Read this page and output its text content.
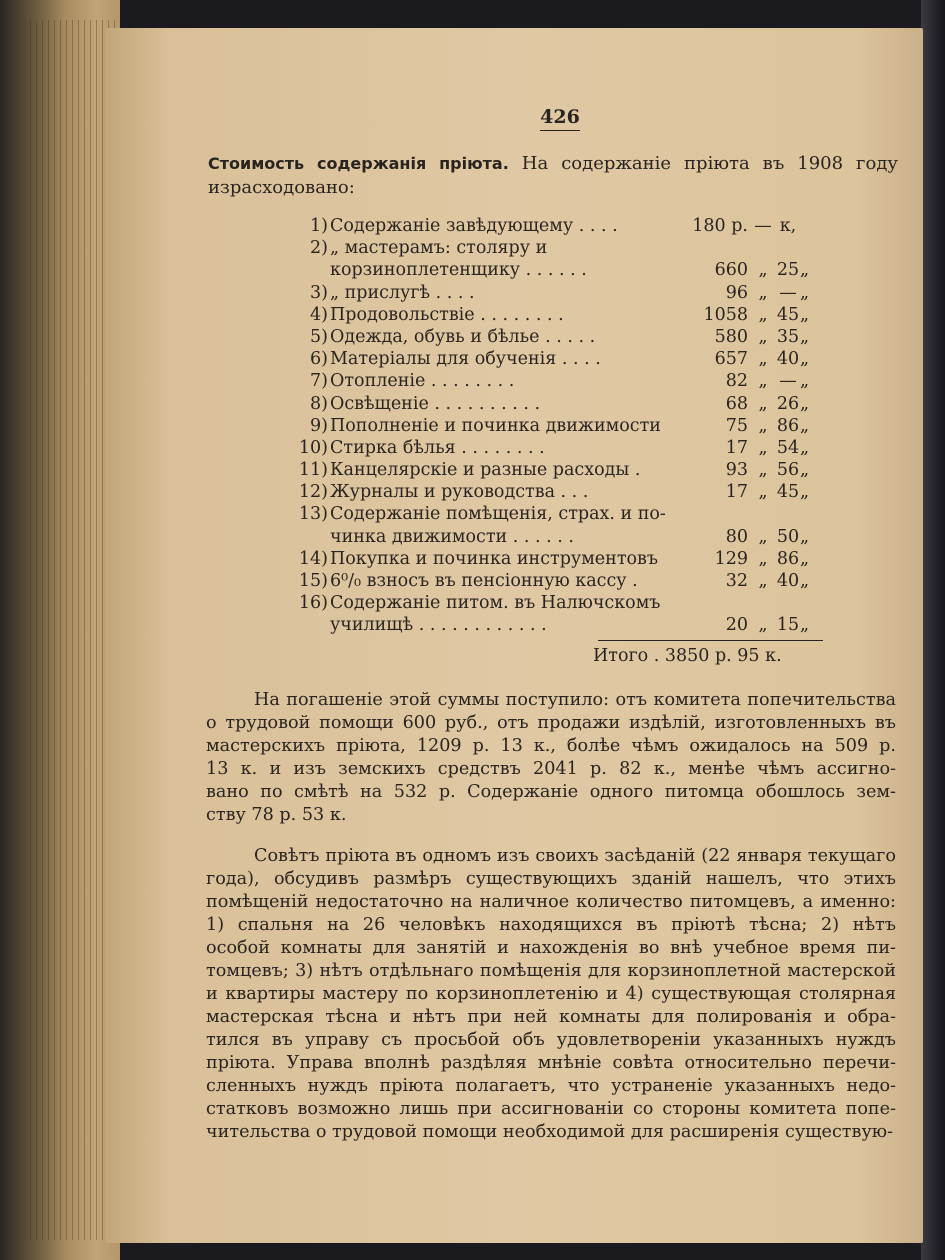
426
Стоимость содержанія пріюта. На содержаніе пріюта въ 1908 году израсходовано:
1) Содержаніе завѣдующему . . . .	180 р. — к,
2) „ мастерамъ: столяру и
корзиноплетенщику . . . . . .	660 „ 25 „
3) „ прислугѣ . . . .	96 „ — „
4) Продовольствіе . . . . . . . .	1058 „ 45 „
5) Одежда, обувь и бѣлье . . . . .	580 „ 35 „
6) Матеріалы для обученія . . . .	657 „ 40 „
7) Отопленіе . . . . . . . .	82 „ — „
8) Освѣщеніе . . . . . . . . . .	68 „ 26 „
9) Пополненіе и починка движимости	75 „ 86 „
10) Стирка бѣлья . . . . . . . .	17 „ 54 „
11) Канцелярскіе и разные расходы .	93 „ 56 „
12) Журналы и руководства . . .	17 „ 45 „
13) Содержаніе помѣщенія, страх. и по-
чинка движимости . . . . . .	80 „ 50 „
14) Покупка и починка инструментовъ	129 „ 86 „
15) 6⁰/₀ взносъ въ пенсіонную кассу .	32 „ 40 „
16) Содержаніе питом. въ Налючскомъ
училищѣ . . . . . . . . . . . .	20 „ 15 „
Итого . 3850 р. 95 к.
На погашеніе этой суммы поступило: отъ комитета попечительства
о трудовой помощи 600 руб., отъ продажи издѣлій, изготовленныхъ въ
мастерскихъ пріюта, 1209 р. 13 к., болѣе чѣмъ ожидалось на 509 р.
13 к. и изъ земскихъ средствъ 2041 р. 82 к., менѣе чѣмъ ассигно-
вано по смѣтѣ на 532 р. Содержаніе одного питомца обошлось зем-
ству 78 р. 53 к.
Совѣтъ пріюта въ одномъ изъ своихъ засѣданій (22 января текущаго
года), обсудивъ размѣръ существующихъ зданій нашелъ, что этихъ
помѣщеній недостаточно на наличное количество питомцевъ, а именно:
1) спальня на 26 человѣкъ находящихся въ пріютѣ тѣсна; 2) нѣтъ
особой комнаты для занятій и нахожденія во внѣ учебное время пи-
томцевъ; 3) нѣтъ отдѣльнаго помѣщенія для корзиноплетной мастерской
и квартиры мастеру по корзиноплетенію и 4) существующая столярная
мастерская тѣсна и нѣтъ при ней комнаты для полированія и обра-
тился въ управу съ просьбой объ удовлетвореніи указанныхъ нуждъ
пріюта. Управа вполнѣ раздѣляя мнѣніе совѣта относительно перечи-
сленныхъ нуждъ пріюта полагаетъ, что устраненіе указанныхъ недо-
статковъ возможно лишь при ассигнованіи со стороны комитета попе-
чительства о трудовой помощи необходимой для расширенія существую-
